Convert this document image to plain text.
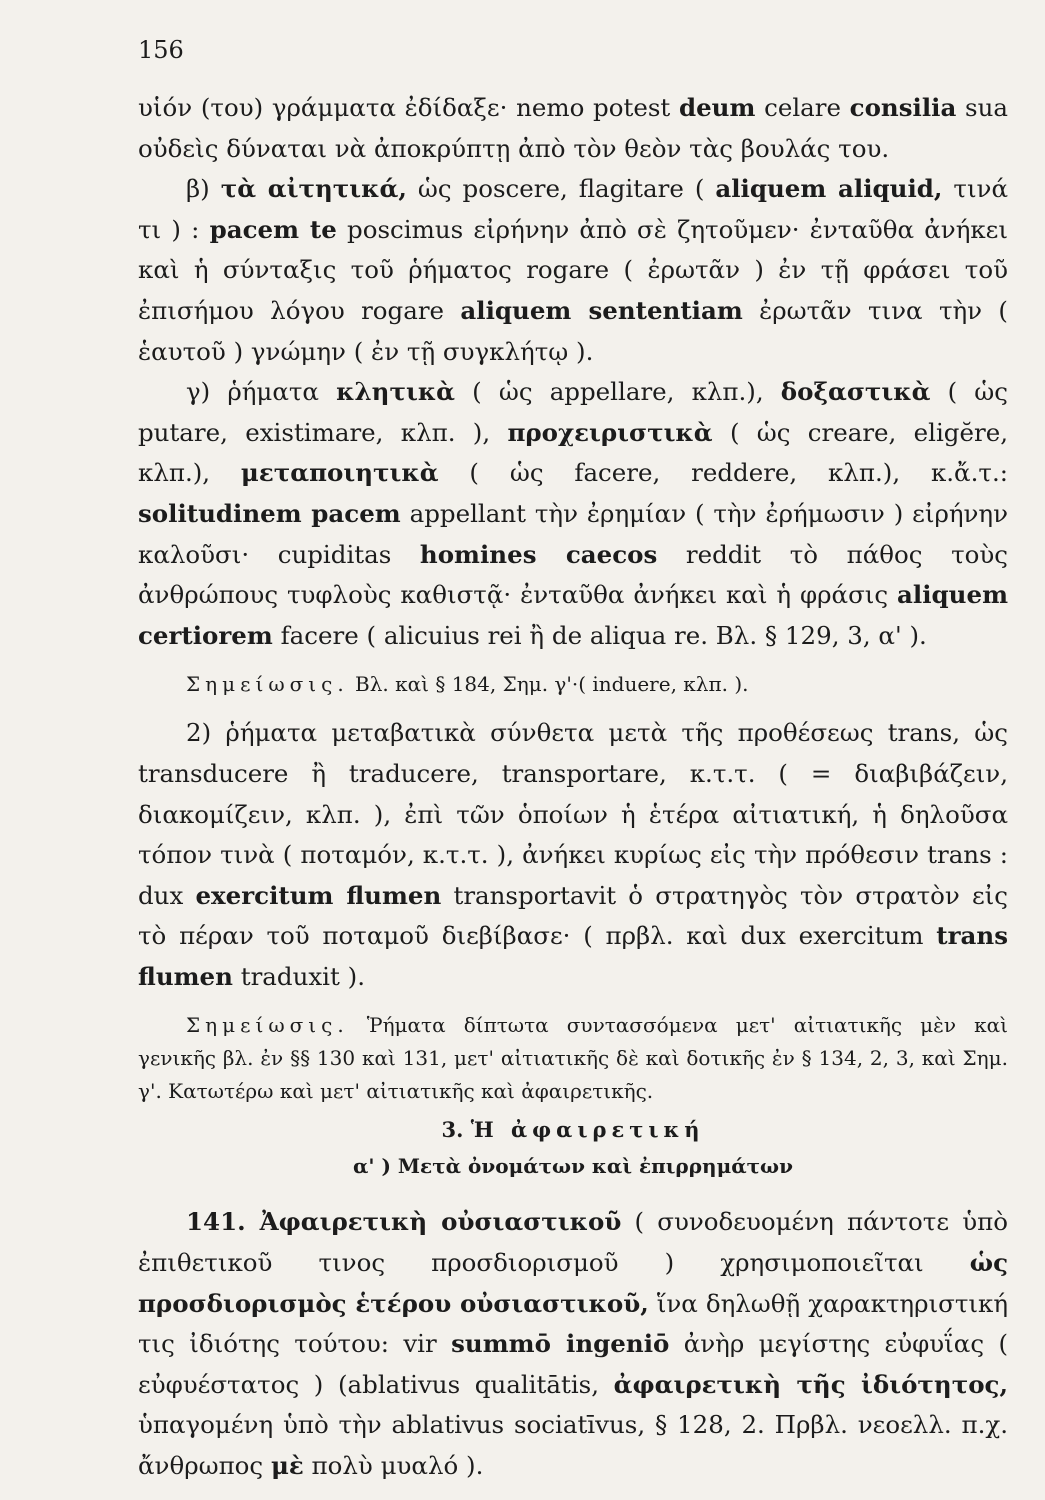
156

υἱόν (του) γράμματα ἐδίδαξε· nemo potest deum celare consilia sua οὐδεὶς δύναται νὰ ἀποκρύπτῃ ἀπὸ τὸν θεὸν τὰς βουλάς του.

β) τὰ αἰτητικά, ὡς poscere, flagitare ( aliquem aliquid, τινά τι ) : pacem te poscimus εἰρήνην ἀπὸ σὲ ζητοῦμεν· ἐνταῦθα ἀνήκει καὶ ἡ σύνταξις τοῦ ῥήματος rogare ( ἐρωτᾶν ) ἐν τῇ φράσει τοῦ ἐπισήμου λόγου rogare aliquem sententiam ἐρωτᾶν τινα τὴν ( ἑαυτοῦ ) γνώμην ( ἐν τῇ συγκλήτῳ ).

γ) ῥήματα κλητικὰ ( ὡς appellare, κλπ.), δοξαστικὰ ( ὡς putare, existimare, κλπ. ), προχειριστικὰ ( ὡς creare, eligĕre, κλπ.), μεταποιητικὰ ( ὡς facere, reddere, κλπ.), κ.ἄ.τ.: solitudinem pacem appellant τὴν ἐρημίαν ( τὴν ἐρήμωσιν ) εἰρήνην καλοῦσι· cupiditas homines caecos reddit τὸ πάθος τοὺς ἀνθρώπους τυφλοὺς καθιστᾷ· ἐνταῦθα ἀνήκει καὶ ἡ φράσις aliquem certiorem facere ( alicuius rei ἢ de aliqua re. Βλ. § 129, 3, α' ).

Σημείωσις. Βλ. καὶ § 184, Σημ. γ'·( induere, κλπ. ).

2) ῥήματα μεταβατικὰ σύνθετα μετὰ τῆς προθέσεως trans, ὡς transducere ἢ traducere, transportare, κ.τ.τ. ( = διαβιβάζειν, διακομίζειν, κλπ. ), ἐπὶ τῶν ὁποίων ἡ ἑτέρα αἰτιατική, ἡ δηλοῦσα τόπον τινὰ ( ποταμόν, κ.τ.τ. ), ἀνήκει κυρίως εἰς τὴν πρόθεσιν trans : dux exercitum flumen transportavit ὁ στρατηγὸς τὸν στρατὸν εἰς τὸ πέραν τοῦ ποταμοῦ διεβίβασε· ( πρβλ. καὶ dux exercitum trans flumen traduxit ).

Σημείωσις. Ῥήματα δίπτωτα συντασσόμενα μετ' αἰτιατικῆς μὲν καὶ γενικῆς βλ. ἐν §§ 130 καὶ 131, μετ' αἰτιατικῆς δὲ καὶ δοτικῆς ἐν § 134, 2, 3, καὶ Σημ. γ'. Κατωτέρω καὶ μετ' αἰτιατικῆς καὶ ἀφαιρετικῆς.

3. Ἡ ἀφαιρετική

α' ) Μετὰ ὀνομάτων καὶ ἐπιρρημάτων

141. Ἀφαιρετικὴ οὐσιαστικοῦ ( συνοδευομένη πάντοτε ὑπὸ ἐπιθετικοῦ τινος προσδιορισμοῦ ) χρησιμοποιεῖται ὡς προσδιορισμὸς ἑτέρου οὐσιαστικοῦ, ἵνα δηλωθῇ χαρακτηριστική τις ἰδιότης τούτου: vir summō ingeniō ἀνὴρ μεγίστης εὐφυΐας ( εὐφυέστατος ) (ablativus qualitātis, ἀφαιρετικὴ τῆς ἰδιότητος, ὑπαγομένη ὑπὸ τὴν ablativus sociatīvus, § 128, 2. Πρβλ. νεοελλ. π.χ. ἄνθρωπος μὲ πολὺ μυαλό ).
